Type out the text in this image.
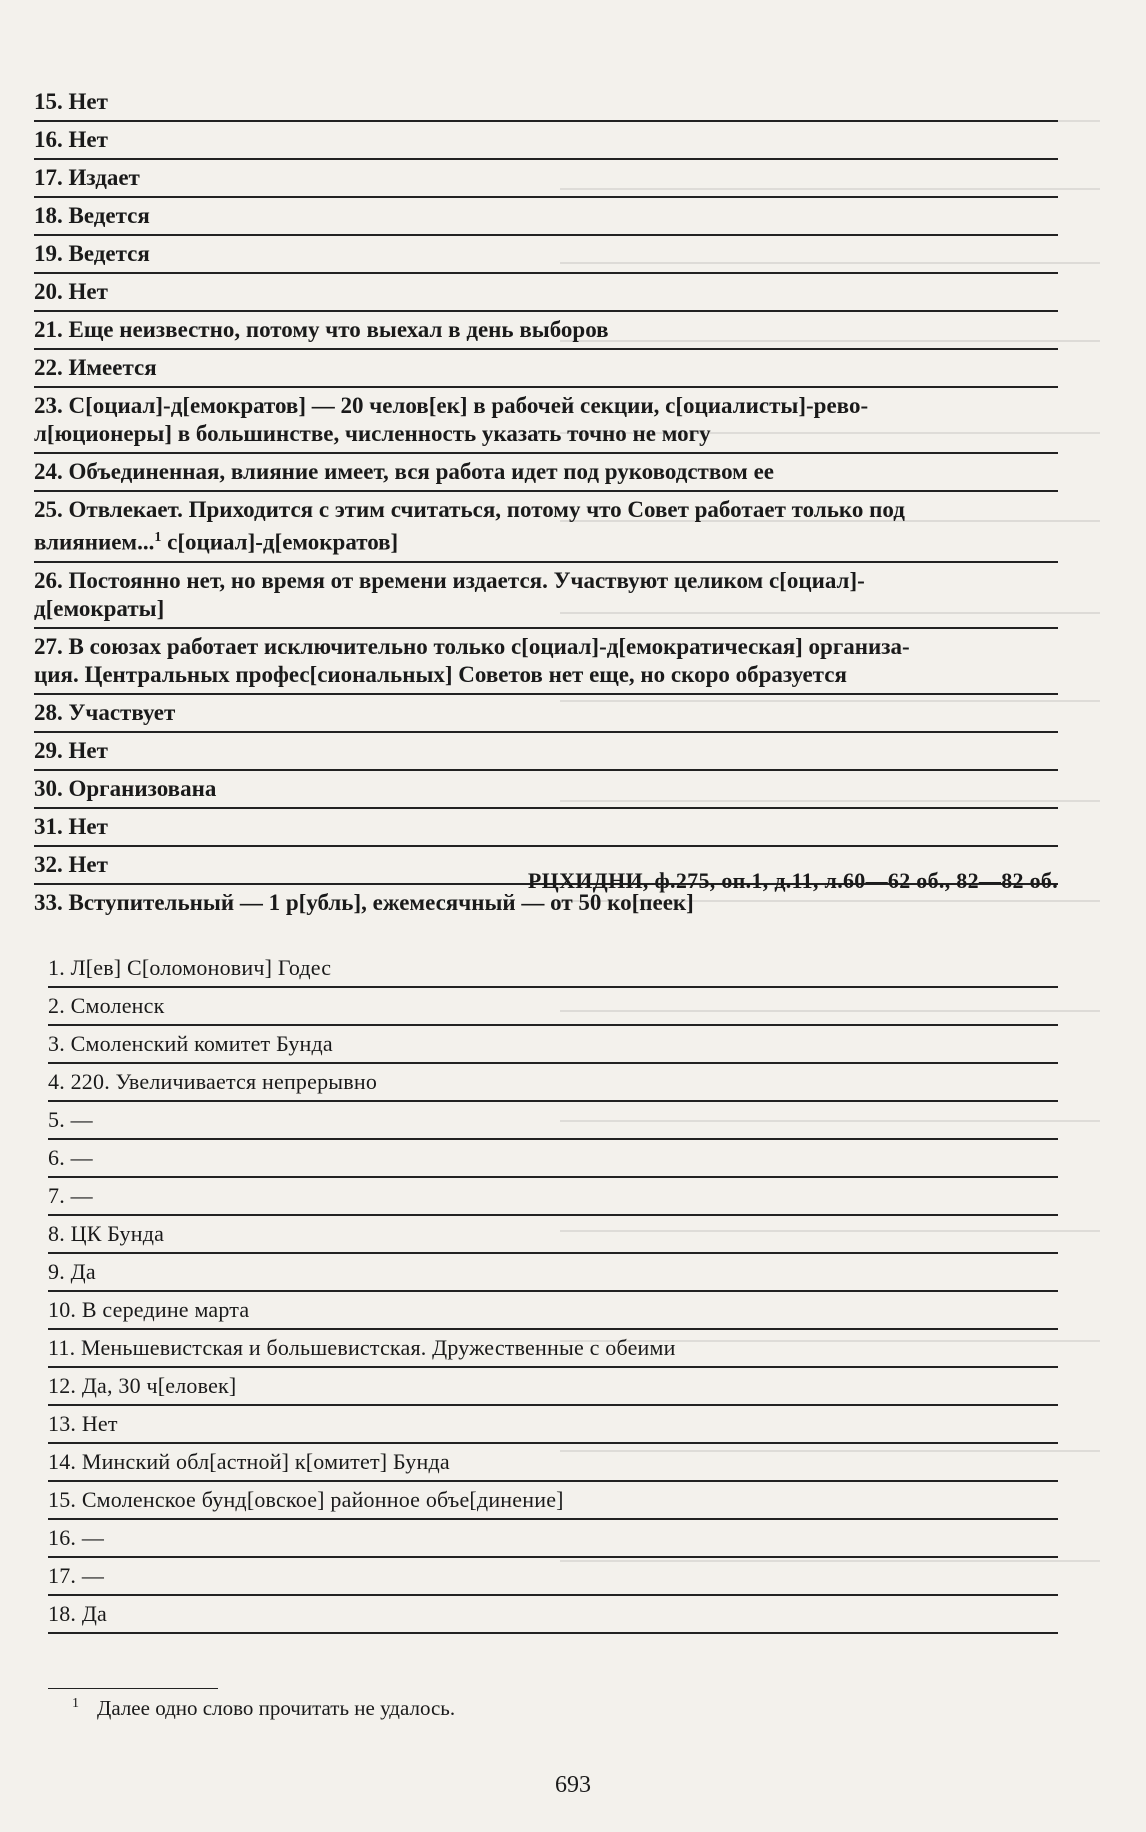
15. Нет
16. Нет
17. Издает
18. Ведется
19. Ведется
20. Нет
21. Еще неизвестно, потому что выехал в день выборов
22. Имеется
23. С[оциал]-д[емократов] — 20 челов[ек] в рабочей секции, с[оциалисты]-рево-
л[юционеры] в большинстве, численность указать точно не могу
24. Объединенная, влияние имеет, вся работа идет под руководством ее
25. Отвлекает. Приходится с этим считаться, потому что Совет работает только под
влиянием...$^1$ с[оциал]-д[емократов]
26. Постоянно нет, но время от времени издается. Участвуют целиком с[оциал]-
д[емократы]
27. В союзах работает исключительно только с[оциал]-д[емократическая] организа-
ция. Центральных профес[сиональных] Советов нет еще, но скоро образуется
28. Участвует
29. Нет
30. Организована
31. Нет
32. Нет
33. Вступительный — 1 р[убль], ежемесячный — от 50 ко[пеек]
РЦХИДНИ, ф.275, оп.1, д.11, л.60—62 об., 82—82 об.
1. Л[ев] С[оломонович] Годес
2. Смоленск
3. Смоленский комитет Бунда
4. 220. Увеличивается непрерывно
5. —
6. —
7. —
8. ЦК Бунда
9. Да
10. В середине марта
11. Меньшевистская и большевистская. Дружественные с обеими
12. Да, 30 ч[еловек]
13. Нет
14. Минский обл[астной] к[омитет] Бунда
15. Смоленское бунд[овское] районное объе[динение]
16. —
17. —
18. Да
$^1$ Далее одно слово прочитать не удалось.
693
